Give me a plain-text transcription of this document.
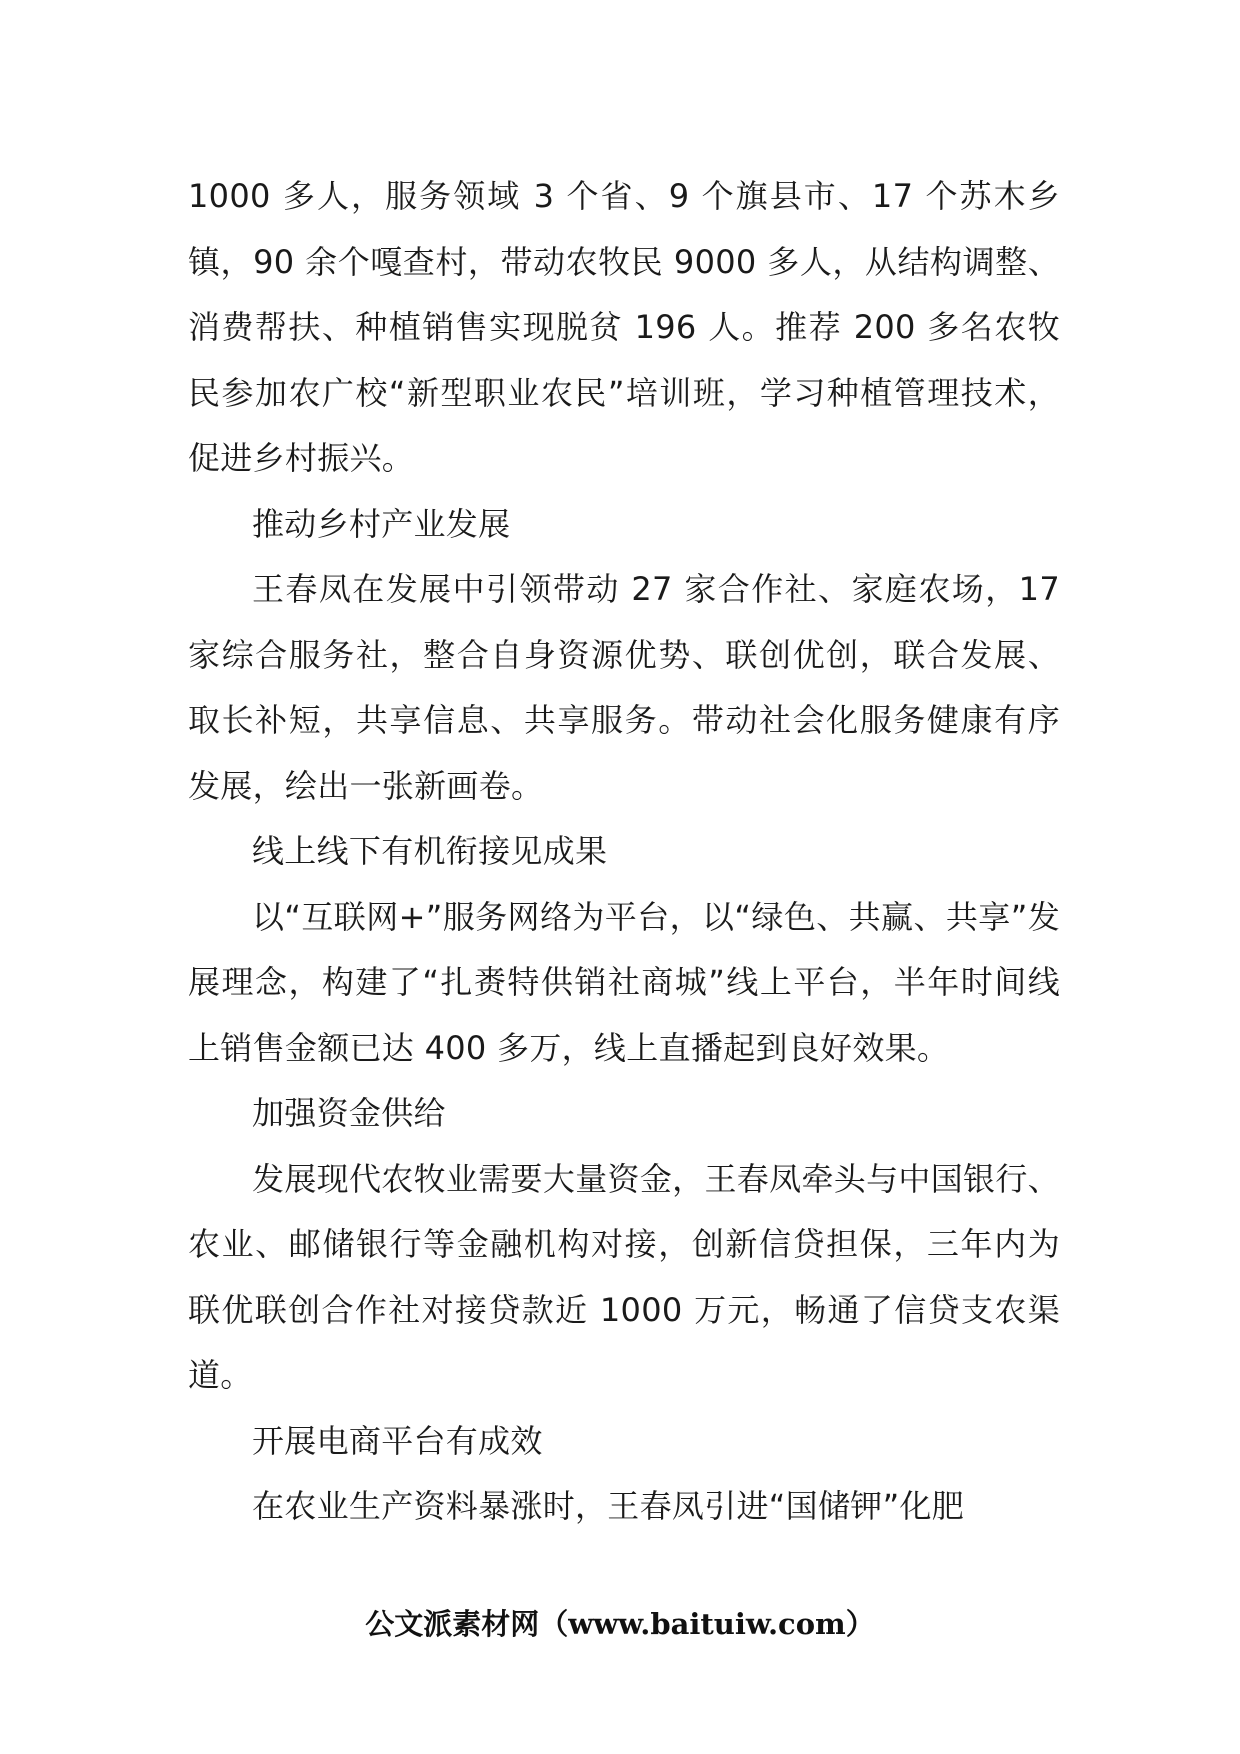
1000 多人，服务领域 3 个省、9 个旗县市、17 个苏木乡镇，90 余个嘎查村，带动农牧民 9000 多人，从结构调整、消费帮扶、种植销售实现脱贫 196 人。推荐 200 多名农牧民参加农广校“新型职业农民”培训班，学习种植管理技术，促进乡村振兴。

推动乡村产业发展

王春凤在发展中引领带动 27 家合作社、家庭农场，17 家综合服务社，整合自身资源优势、联创优创，联合发展、取长补短，共享信息、共享服务。带动社会化服务健康有序发展，绘出一张新画卷。

线上线下有机衔接见成果

以“互联网+”服务网络为平台，以“绿色、共赢、共享”发展理念，构建了“扎赉特供销社商城”线上平台，半年时间线上销售金额已达 400 多万，线上直播起到良好效果。

加强资金供给

发展现代农牧业需要大量资金，王春凤牵头与中国银行、农业、邮储银行等金融机构对接，创新信贷担保，三年内为联优联创合作社对接贷款近 1000 万元，畅通了信贷支农渠道。

开展电商平台有成效

在农业生产资料暴涨时，王春凤引进“国储钾”化肥

公文派素材网（www.baituiw.com）
